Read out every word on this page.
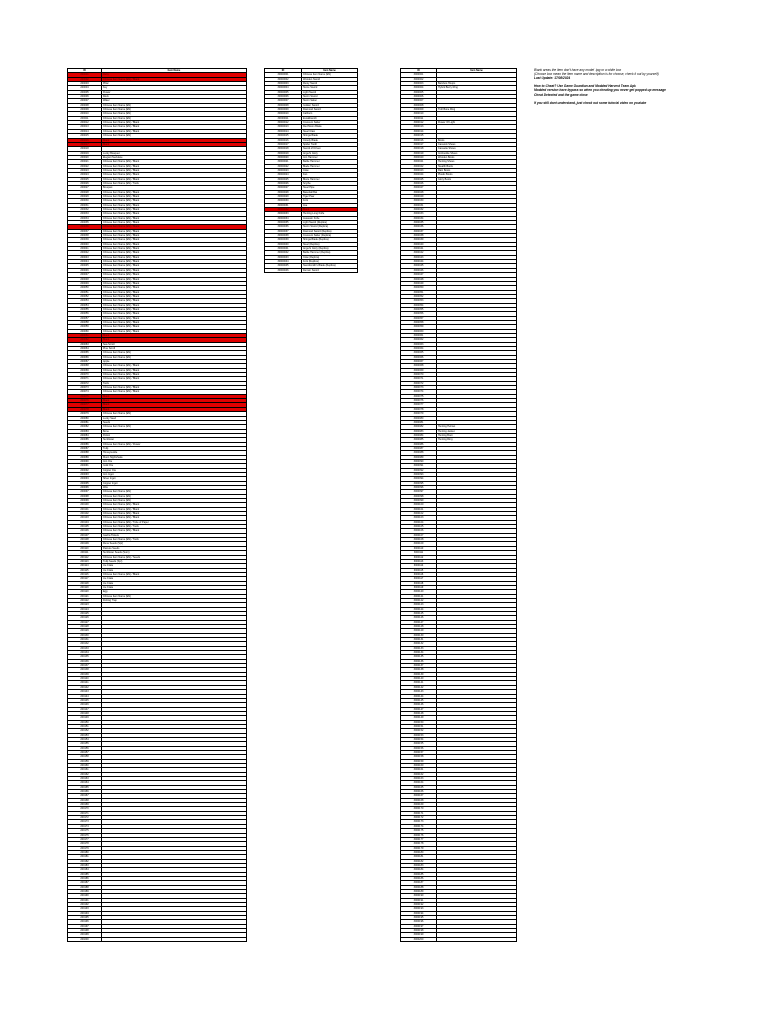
ID	Item Name
200001	Ruby
200002	Chinese Item Name (EN) / Blank
200003	Pillar
200004	Key
200005	Flower
200006	Rock
200007	Water
200008	Chinese Item Name (EN)
200009	Chinese Item Name (EN)
200010	Chinese Item Name (EN)
200011	Chinese Item Name (EN)
200012	Chinese Item Name (EN) / Blank
200013	Chinese Item Name (EN) / Blank
200014	Chinese Item Name (EN) / Blank
200015	Chinese Item Name (EN)
200016	Blank
200017	Blank
200018	
200019	Lucky Bouquet
200020	Elegant Necklace
200021	Chinese Item Name (EN) / Blank
200022	Chinese Item Name (EN) / Blank
200023	Chinese Item Name (EN) / Blank
200024	Chinese Item Name (EN) / Blank
200025	Chinese Item Name (EN) / Blank
200026	Chinese Item Name (EN) / Tools
200027	Bouquet
200028	Chinese Item Name (EN) / Blank
200029	Chinese Item Name (EN) / Blank
200030	Chinese Item Name (EN) / Blank
200031	Chinese Item Name (EN) / Blank
200032	Chinese Item Name (EN) / Blank
200033	Chinese Item Name (EN) / Blank
200034	Chinese Item Name (EN) / Blank
200035	Chinese Item Name (EN) / Blank
200036	Chinese Item Name (EN) / Blank
200037	Chinese Item Name (EN) / Blank
200038	Chinese Item Name (EN) / Blank
200039	Chinese Item Name (EN) / Blank
200040	Chinese Item Name (EN) / Blank
200041	Chinese Item Name (EN) / Blank
200042	Chinese Item Name (EN) / Blank
200043	Chinese Item Name (EN) / Blank
200044	Chinese Item Name (EN) / Blank
200045	Chinese Item Name (EN) / Blank
200046	Chinese Item Name (EN) / Blank
200047	Chinese Item Name (EN) / Blank
200048	Chinese Item Name (EN) / Blank
200049	Chinese Item Name (EN) / Blank
200050	Chinese Item Name (EN) / Blank
200051	Chinese Item Name (EN) / Blank
200052	Chinese Item Name (EN) / Blank
200053	Chinese Item Name (EN) / Blank
200054	Chinese Item Name (EN) / Blank
200055	Chinese Item Name (EN) / Blank
200056	Chinese Item Name (EN) / Blank
200057	Chinese Item Name (EN) / Blank
200058	Chinese Item Name (EN) / Blank
200059	Chinese Item Name (EN) / Blank
200060	Chinese Item Name (EN) / Blank
200061	Blank
200062	Blank
200063	Sea Scroll
200064	Pine Scroll
200065	Chinese Item Name (EN)
200066	Chinese Item Name (EN)
200067	Apple
200068	Chinese Item Name (EN) / Blank
200069	Chinese Item Name (EN) / Blank
200070	Chinese Item Name (EN) / Blank
200071	Chinese Item Name (EN) / Blank
200072	Tools
200073	Chinese Item Name (EN) / Blank
200074	Chinese Item Name (EN) / Blank
200075	Blank
200076	Blank
200077	Blank
200078	Blank
200079	Chinese Item Name (EN)
200080	Lucky Seed
200081	Seeds
200082	Chinese Item Name (EN)
200083	Bone
200084	Potion
200085	Sunflower
200086	Chinese Item Name (EN) / Flower
200087	Tulip
200088	Honeysuckle
200089	Moon Nightshade
200090	Iron Ore
200091	Gold Ore
200092	Copper Ore
200093	Iron Ingot
200094	Silver Ingot
200095	Copper Ingot
200096	Wax
200097	Chinese Item Name (EN)
200098	Chinese Item Name (EN)
200099	Chinese Item Name (EN)
200100	Chinese Item Name (EN) / Blank
200101	Chinese Item Name (EN) / Blank
200102	Chinese Item Name (EN) / Blank
200103	Chinese Item Name (EN) / Blank
200104	Chinese Item Name (EN) / Tube of Paper
200105	Chinese Item Name (EN) / Tools
200106	Chinese Item Name (EN) / Blank
200107	Gacha Tickets
200108	Chinese Item Name (EN) / Tools
200109	Rune Seeds (Spr)
200110	Pasture Seeds
200111	Sunflower Seeds (Sum)
200112	Chinese Item Name (EN) / Seeds
200113	Tulip Seeds (Spr)
200114	Ice Crate
200115	Ice Crate
200116	Chinese Item Name (EN) / Blank
200117	Ice Crate
200118	Ice Crate
200119	Ice Crate
200120	Egg
200121	Chinese Item Name (EN)
200122	Fishing Trap
200123	
200124	
200125	
200126	
200127	
200128	
200129	
200130	
200131	
200132	
200133	
200134	
200135	
200136	
200137	
200138	
200139	
200140	
200141	
200142	
200143	
200144	
200145	
200146	
200147	
200148	
200149	
200150	
200151	
200152	
200153	
200154	
200155	
200156	
200157	
200158	
200159	
200160	
200161	
200162	
200163	
200164	
200165	
200166	
200167	
200168	
200169	
200170	
200171	
200172	
200173	
200174	
200175	
200176	
200177	
200178	
200179	
200180	
200181	
200182	
200183	
200184	
200185	
200186	
200187	
200188	
200189	
200190	
200191	
200192	
200193	
200194	
200195	
200196	
200197	
200198	
200199	
200200	
ID	Item Name
30000001	Chinese Item Name (EN)
30000002	Wooden Sword
30000003	Rusty Sword
30000004	Stone Sword
30000005	Light Sword
30000006	Storm Sword
30000007	Storm Saber
30000008	Golden Sword
30000009	Diamond Sword
30000010	Caliburn
30000011	Excalibaruth
30000012	Crescent Saber
30000013	Red Moon Blade
30000014	Steel Claw
30000015	Shinga Blade
30000016	Cloudy Blade
30000017	Spider Tooth
30000018	Sword of Driven
30000019	Angel's Glory
30000020	Iron Hammer
30000021	Battle Hammer
30000022	Blade Hammer
30000023	Claw
30000024	Fan
30000025	Blaze Hammer
30000026	Scythe
30000027	Steel Pipe
30000028	Baseball Bat
30000029	Tiger Paw
30000030	Fork
30000031	Axe
30000032	Blank
30000033	Hunting Long Knife
30000034	Assassin Knife
30000035	Light Sword (Replica)
30000036	Storm Sword (Replica)
30000037	Diamond Sword (Replica)
30000038	Crescent Saber (Replica)
30000039	Shinga Blade (Replica)
30000040	Steel (Replica)
30000041	Angel's Glory (Replica)
30000042	Battle Hammer (Replica)
30000043	Claw (Replica)
30000044	Fork (Replica)
30000045	Swordsmith's Blade (Replica)
30000046	Demon Sword
ID	Item Name
3000001	
3000002	
3000003	Bamboo Hoops
3000004	Hybrid Berry Ring
3000005	
3000006	
3000007	
3000008	
3000009	Troll Bone Ring
3000010	
3000011	
3000012	Flower Of Light
3000013	
3000014	
3000015	
3000016	Boots
3000017	Cassock Shoes
3000018	Cassette Shoes
3000019	Ironbuckle Shoes
3000020	Wooden Boots
3000021	Hunting Shoes
3000022	Stealth Boots
3000023	Rain Boots
3000024	Plastic Boots
3000025	Glory Boots
3000026	
3000027	
3000028	
3000029	
3000030	
3000031	
3000032	
3000033	
3000034	
3000035	
3000036	
3000037	
3000038	
3000039	
3000040	
3000041	
3000042	
3000043	
3000044	
3000045	
3000046	
3000047	
3000048	
3000049	
3000050	
3000051	
3000052	
3000053	
3000054	
3000055	
3000056	
3000057	
3000058	
3000059	
3000060	
3000061	
3000062	
3000063	
3000064	
3000065	
3000066	
3000067	
3000068	
3000069	
3000070	
3000071	
3000072	
3000073	
3000074	
3000075	
3000076	
3000077	
3000078	
3000079	
3000080	
3000081	
3000082	Hunting Helmet
3000083	Hunting Jacket
3000084	Hunting Boot
3000085	Hunting Ring
3000086	
3000087	
3000088	
3000089	
3000090	
3000091	
3000092	
3000093	
3000094	
3000095	
3000096	
3000097	
3000098	
3000099	
3000100	
3000101	
3000102	
3000103	
3000104	
3000105	
3000106	
3000107	
3000108	
3000109	
3000110	
3000111	
3000112	
3000113	
3000114	
3000115	
3000116	
3000117	
3000118	
3000119	
3000120	
3000121	
3000122	
3000123	
3000124	
3000125	
3000126	
3000127	
3000128	
3000129	
3000130	
3000131	
3000132	
3000133	
3000134	
3000135	
3000136	
3000137	
3000138	
3000139	
3000140	
3000141	
3000142	
3000143	
3000144	
3000145	
3000146	
3000147	
3000148	
3000149	
3000150	
3000151	
3000152	
3000153	
3000154	
3000155	
3000156	
3000157	
3000158	
3000159	
3000160	
3000161	
3000162	
3000163	
3000164	
3000165	
3000166	
3000167	
3000168	
3000169	
3000170	
3000171	
3000172	
3000173	
3000174	
3000175	
3000176	
3000177	
3000178	
3000179	
3000180	
3000181	
3000182	
3000183	
3000184	
3000185	
3000186	
3000187	
3000188	
3000189	
3000190	
3000191	
3000192	
3000193	
3000194	
3000195	
3000196	
3000197	
3000198	
3000199	
3000200	
Blank areas the item don't have any model .tpg or a white box
(Choose box mean the item name and description is for choose, check it out by yourself)
Last Update: 17/08/2024
How to Cheat? Use Game Guardian and Modded Harvest Team Apk
Modded version have bypass so when you cheating you never get popped up message
Cheat Detected and the game close
If you still dont understand, just check out some tutorial video on youtube
